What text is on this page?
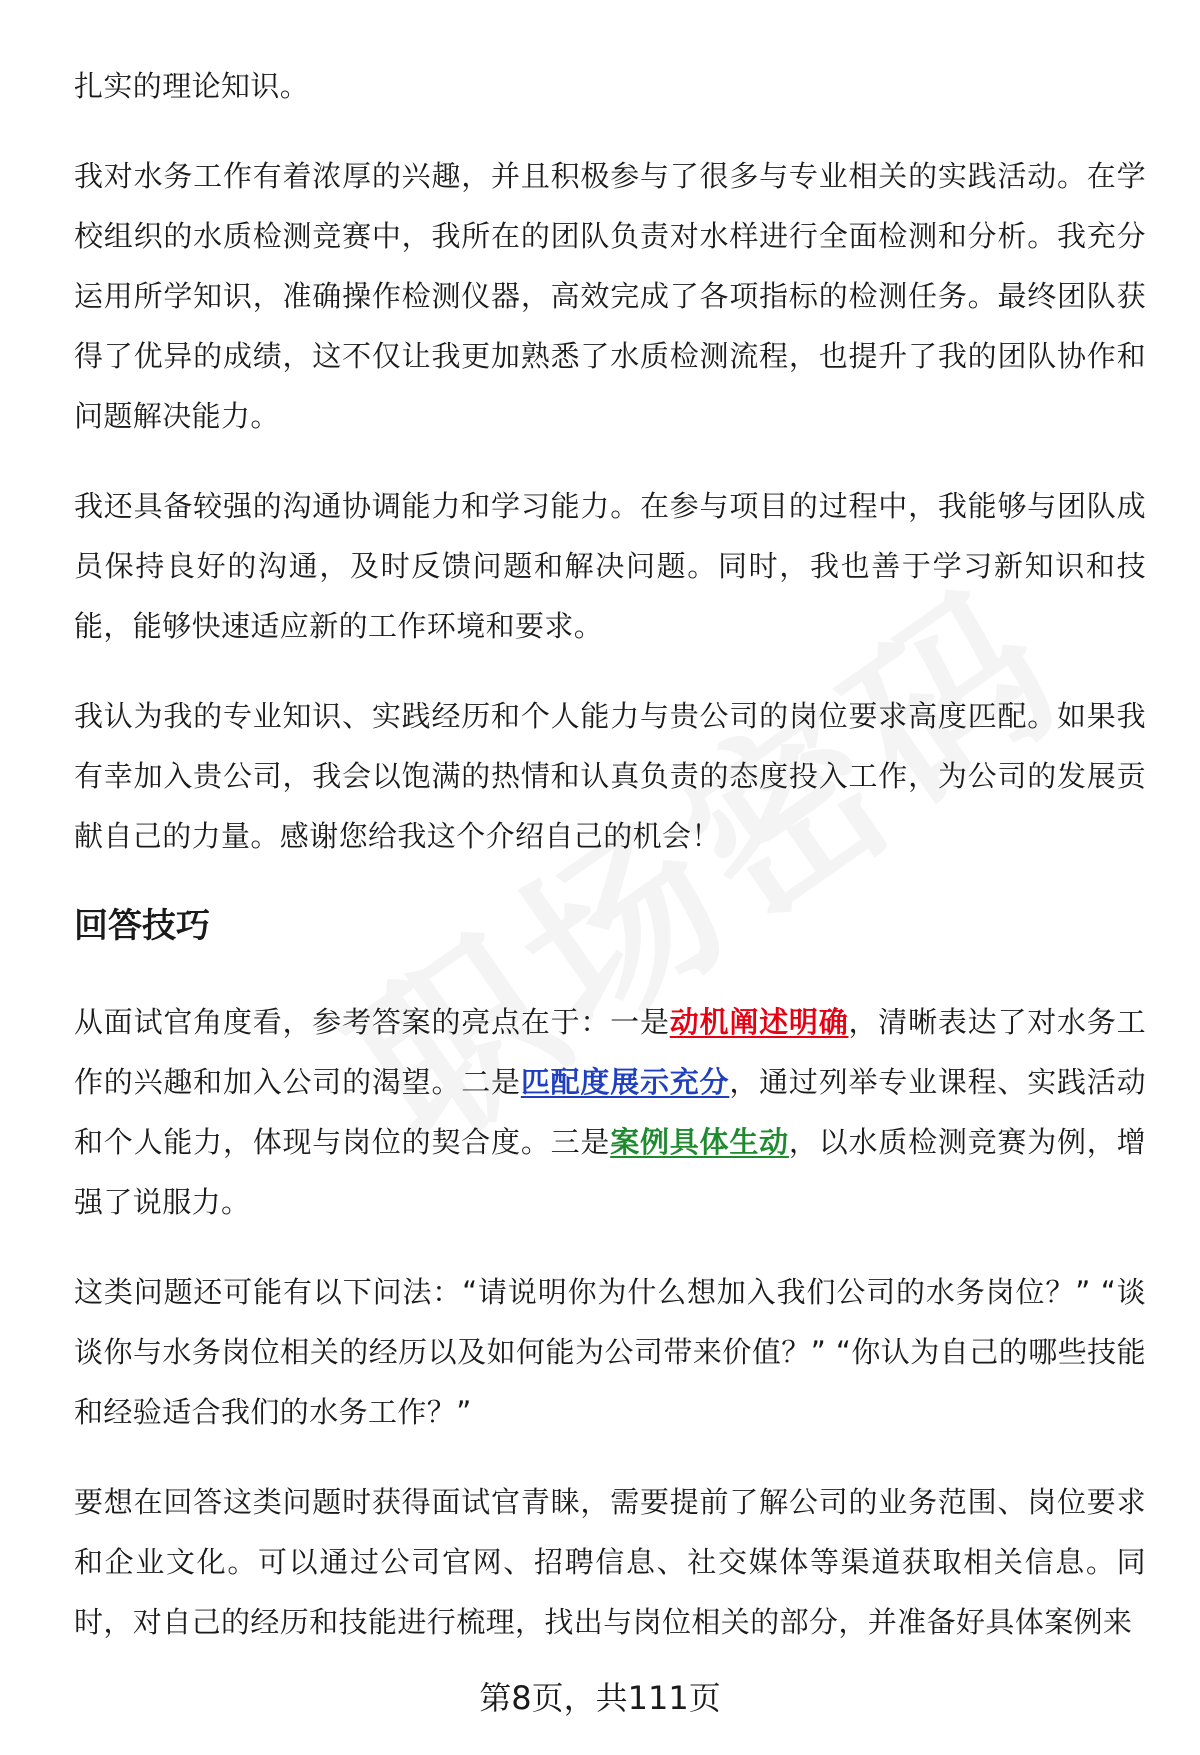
扎实的理论知识。

我对水务工作有着浓厚的兴趣，并且积极参与了很多与专业相关的实践活动。在学校组织的水质检测竞赛中，我所在的团队负责对水样进行全面检测和分析。我充分运用所学知识，准确操作检测仪器，高效完成了各项指标的检测任务。最终团队获得了优异的成绩，这不仅让我更加熟悉了水质检测流程，也提升了我的团队协作和问题解决能力。

我还具备较强的沟通协调能力和学习能力。在参与项目的过程中，我能够与团队成员保持良好的沟通，及时反馈问题和解决问题。同时，我也善于学习新知识和技能，能够快速适应新的工作环境和要求。

我认为我的专业知识、实践经历和个人能力与贵公司的岗位要求高度匹配。如果我有幸加入贵公司，我会以饱满的热情和认真负责的态度投入工作，为公司的发展贡献自己的力量。感谢您给我这个介绍自己的机会！

回答技巧

从面试官角度看，参考答案的亮点在于：一是动机阐述明确，清晰表达了对水务工作的兴趣和加入公司的渴望。二是匹配度展示充分，通过列举专业课程、实践活动和个人能力，体现与岗位的契合度。三是案例具体生动，以水质检测竞赛为例，增强了说服力。

这类问题还可能有以下问法：“请说明你为什么想加入我们公司的水务岗位？” “谈谈你与水务岗位相关的经历以及如何能为公司带来价值？” “你认为自己的哪些技能和经验适合我们的水务工作？”

要想在回答这类问题时获得面试官青睐，需要提前了解公司的业务范围、岗位要求和企业文化。可以通过公司官网、招聘信息、社交媒体等渠道获取相关信息。同时，对自己的经历和技能进行梳理，找出与岗位相关的部分，并准备好具体案例来

第8页，共111页
